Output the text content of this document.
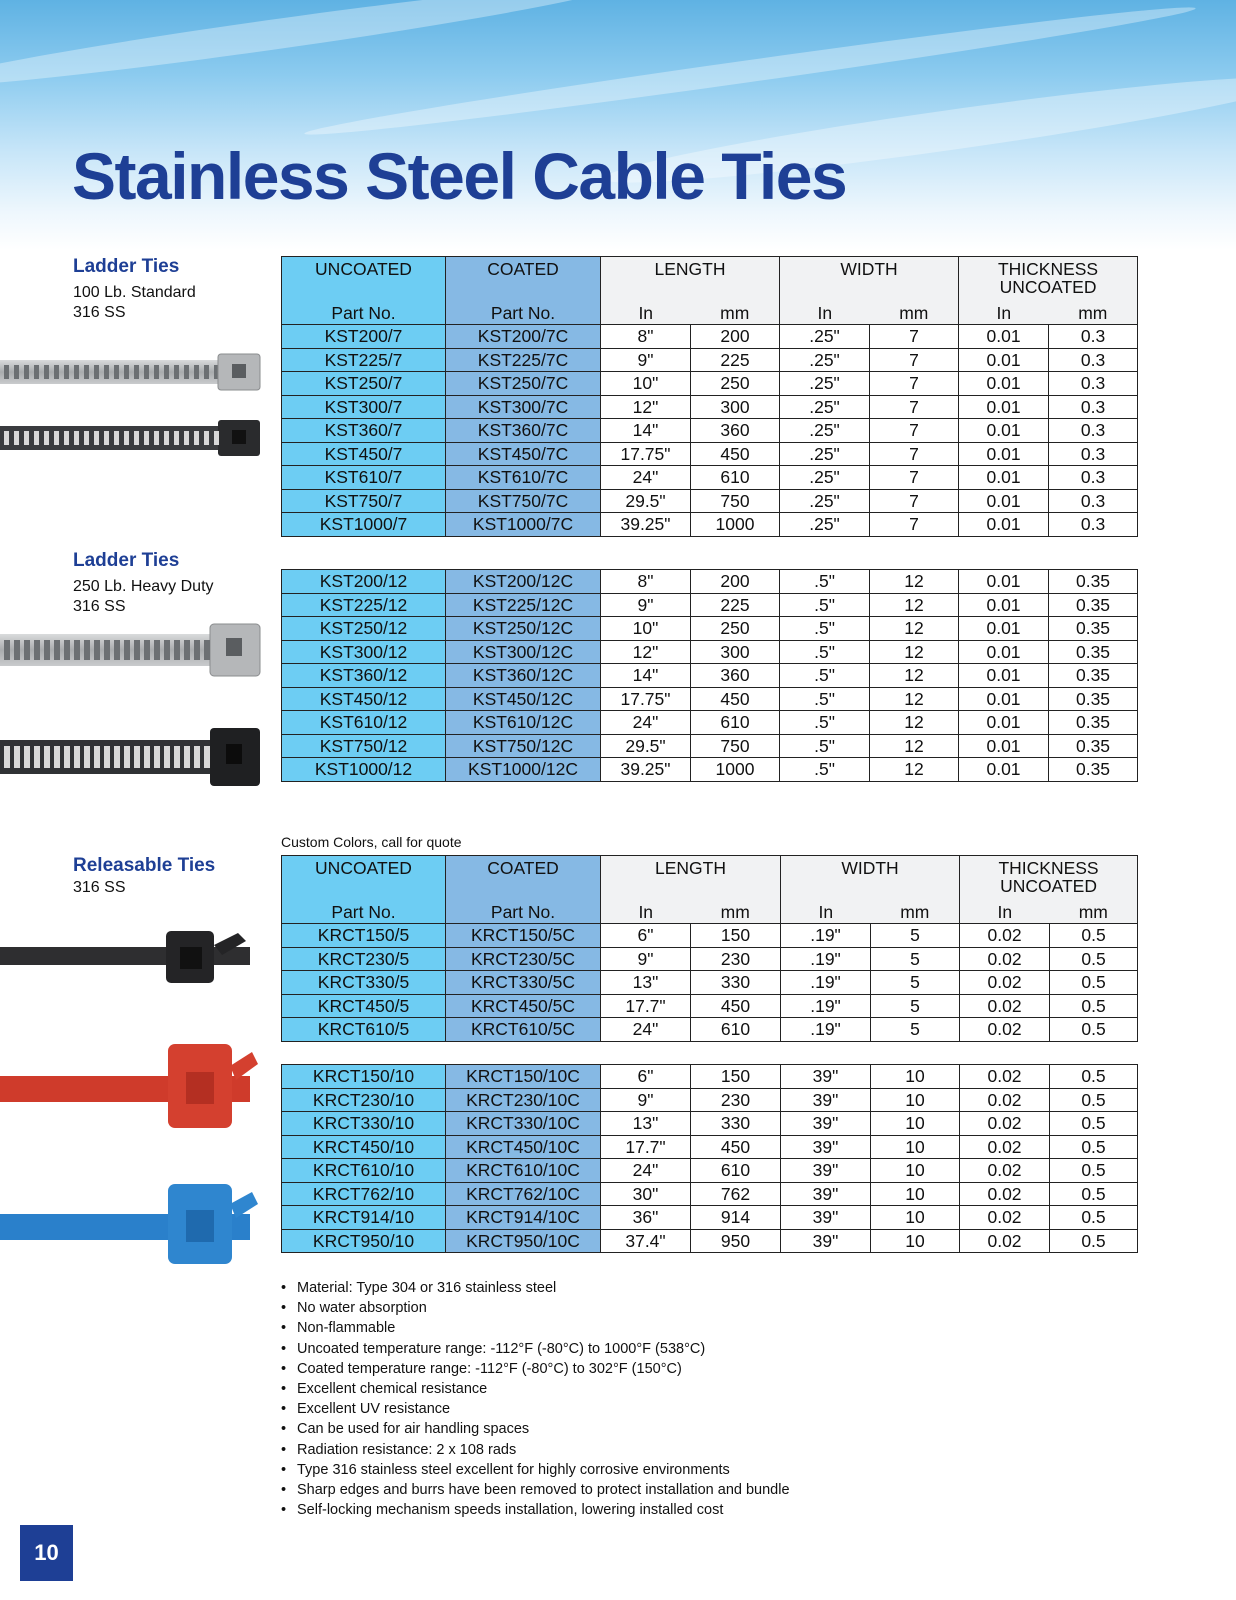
Stainless Steel Cable Ties
Ladder Ties
100 Lb. Standard
316 SS
Ladder Ties
250 Lb. Heavy Duty
316 SS
Releasable Ties
316 SS
UNCOATED	COATED	LENGTH		WIDTH		THICKNESS
UNCOATED	
Part No.	Part No.	In	mm	In	mm	In	mm
KST200/7	KST200/7C	8"	200	.25"	7	0.01	0.3
KST225/7	KST225/7C	9"	225	.25"	7	0.01	0.3
KST250/7	KST250/7C	10"	250	.25"	7	0.01	0.3
KST300/7	KST300/7C	12"	300	.25"	7	0.01	0.3
KST360/7	KST360/7C	14"	360	.25"	7	0.01	0.3
KST450/7	KST450/7C	17.75"	450	.25"	7	0.01	0.3
KST610/7	KST610/7C	24"	610	.25"	7	0.01	0.3
KST750/7	KST750/7C	29.5"	750	.25"	7	0.01	0.3
KST1000/7	KST1000/7C	39.25"	1000	.25"	7	0.01	0.3
KST200/12	KST200/12C	8"	200	.5"	12	0.01	0.35
KST225/12	KST225/12C	9"	225	.5"	12	0.01	0.35
KST250/12	KST250/12C	10"	250	.5"	12	0.01	0.35
KST300/12	KST300/12C	12"	300	.5"	12	0.01	0.35
KST360/12	KST360/12C	14"	360	.5"	12	0.01	0.35
KST450/12	KST450/12C	17.75"	450	.5"	12	0.01	0.35
KST610/12	KST610/12C	24"	610	.5"	12	0.01	0.35
KST750/12	KST750/12C	29.5"	750	.5"	12	0.01	0.35
KST1000/12	KST1000/12C	39.25"	1000	.5"	12	0.01	0.35
Custom Colors, call for quote
UNCOATED	COATED	LENGTH		WIDTH		THICKNESS
UNCOATED	
Part No.	Part No.	In	mm	In	mm	In	mm
KRCT150/5	KRCT150/5C	6"	150	.19"	5	0.02	0.5
KRCT230/5	KRCT230/5C	9"	230	.19"	5	0.02	0.5
KRCT330/5	KRCT330/5C	13"	330	.19"	5	0.02	0.5
KRCT450/5	KRCT450/5C	17.7"	450	.19"	5	0.02	0.5
KRCT610/5	KRCT610/5C	24"	610	.19"	5	0.02	0.5
KRCT150/10	KRCT150/10C	6"	150	39"	10	0.02	0.5
KRCT230/10	KRCT230/10C	9"	230	39"	10	0.02	0.5
KRCT330/10	KRCT330/10C	13"	330	39"	10	0.02	0.5
KRCT450/10	KRCT450/10C	17.7"	450	39"	10	0.02	0.5
KRCT610/10	KRCT610/10C	24"	610	39"	10	0.02	0.5
KRCT762/10	KRCT762/10C	30"	762	39"	10	0.02	0.5
KRCT914/10	KRCT914/10C	36"	914	39"	10	0.02	0.5
KRCT950/10	KRCT950/10C	37.4"	950	39"	10	0.02	0.5
• Material: Type 304 or 316 stainless steel
• No water absorption
• Non-flammable
• Uncoated temperature range: -112°F (-80°C) to 1000°F (538°C)
• Coated temperature range: -112°F (-80°C) to 302°F (150°C)
• Excellent chemical resistance
• Excellent UV resistance
• Can be used for air handling spaces
• Radiation resistance: 2 x 108 rads
• Type 316 stainless steel excellent for highly corrosive environments
• Sharp edges and burrs have been removed to protect installation and bundle
• Self-locking mechanism speeds installation, lowering installed cost
10
